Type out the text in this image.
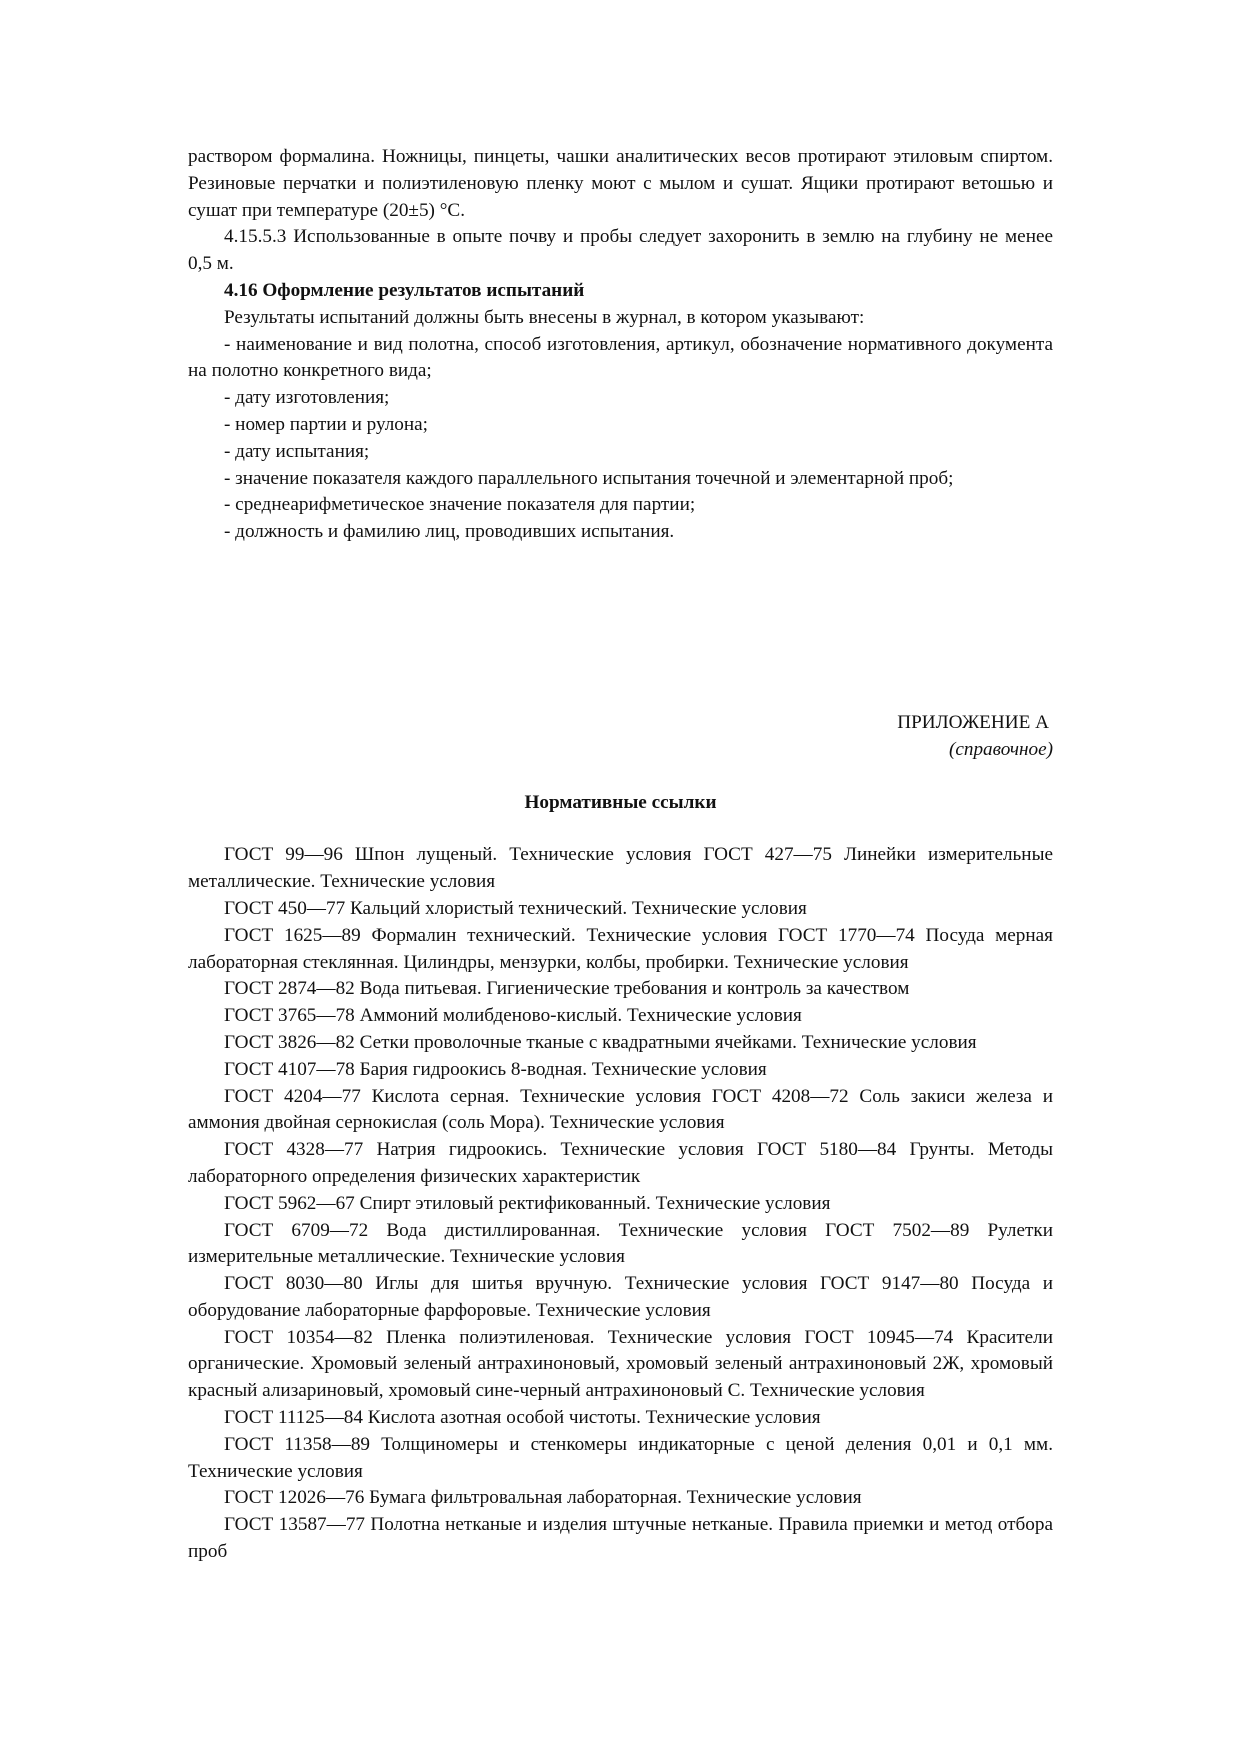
раствором формалина. Ножницы, пинцеты, чашки аналитических весов протирают этиловым спиртом. Резиновые перчатки и полиэтиленовую пленку моют с мылом и сушат. Ящики протирают ветошью и сушат при температуре (20±5) °С.

4.15.5.3 Использованные в опыте почву и пробы следует захоронить в землю на глубину не менее 0,5 м.

4.16 Оформление результатов испытаний

Результаты испытаний должны быть внесены в журнал, в котором указывают:

- наименование и вид полотна, способ изготовления, артикул, обозначение нормативного документа на полотно конкретного вида;

- дату изготовления;

- номер партии и рулона;

- дату испытания;

- значение показателя каждого параллельного испытания точечной и элементарной проб;

- среднеарифметическое значение показателя для партии;

- должность и фамилию лиц, проводивших испытания.

ПРИЛОЖЕНИЕ А

(справочное)

Нормативные ссылки

ГОСТ 99—96 Шпон лущеный. Технические условия ГОСТ 427—75 Линейки измерительные металлические. Технические условия

ГОСТ 450—77 Кальций хлористый технический. Технические условия

ГОСТ 1625—89 Формалин технический. Технические условия ГОСТ 1770—74 Посуда мерная лабораторная стеклянная. Цилиндры, мензурки, колбы, пробирки. Технические условия

ГОСТ 2874—82 Вода питьевая. Гигиенические требования и контроль за качеством

ГОСТ 3765—78 Аммоний молибденово-кислый. Технические условия

ГОСТ 3826—82 Сетки проволочные тканые с квадратными ячейками. Технические условия

ГОСТ 4107—78 Бария гидроокись 8-водная. Технические условия

ГОСТ 4204—77 Кислота серная. Технические условия ГОСТ 4208—72 Соль закиси железа и аммония двойная сернокислая (соль Мора). Технические условия

ГОСТ 4328—77 Натрия гидроокись. Технические условия ГОСТ 5180—84 Грунты. Методы лабораторного определения физических характеристик

ГОСТ 5962—67 Спирт этиловый ректификованный. Технические условия

ГОСТ 6709—72 Вода дистиллированная. Технические условия ГОСТ 7502—89 Рулетки измерительные металлические. Технические условия

ГОСТ 8030—80 Иглы для шитья вручную. Технические условия ГОСТ 9147—80 Посуда и оборудование лабораторные фарфоровые. Технические условия

ГОСТ 10354—82 Пленка полиэтиленовая. Технические условия ГОСТ 10945—74 Красители органические. Хромовый зеленый антрахиноновый, хромовый зеленый антрахиноновый 2Ж, хромовый красный ализариновый, хромовый сине-черный антрахиноновый С. Технические условия

ГОСТ 11125—84 Кислота азотная особой чистоты. Технические условия

ГОСТ 11358—89 Толщиномеры и стенкомеры индикаторные с ценой деления 0,01 и 0,1 мм. Технические условия

ГОСТ 12026—76 Бумага фильтровальная лабораторная. Технические условия

ГОСТ 13587—77 Полотна нетканые и изделия штучные нетканые. Правила приемки и метод отбора проб
